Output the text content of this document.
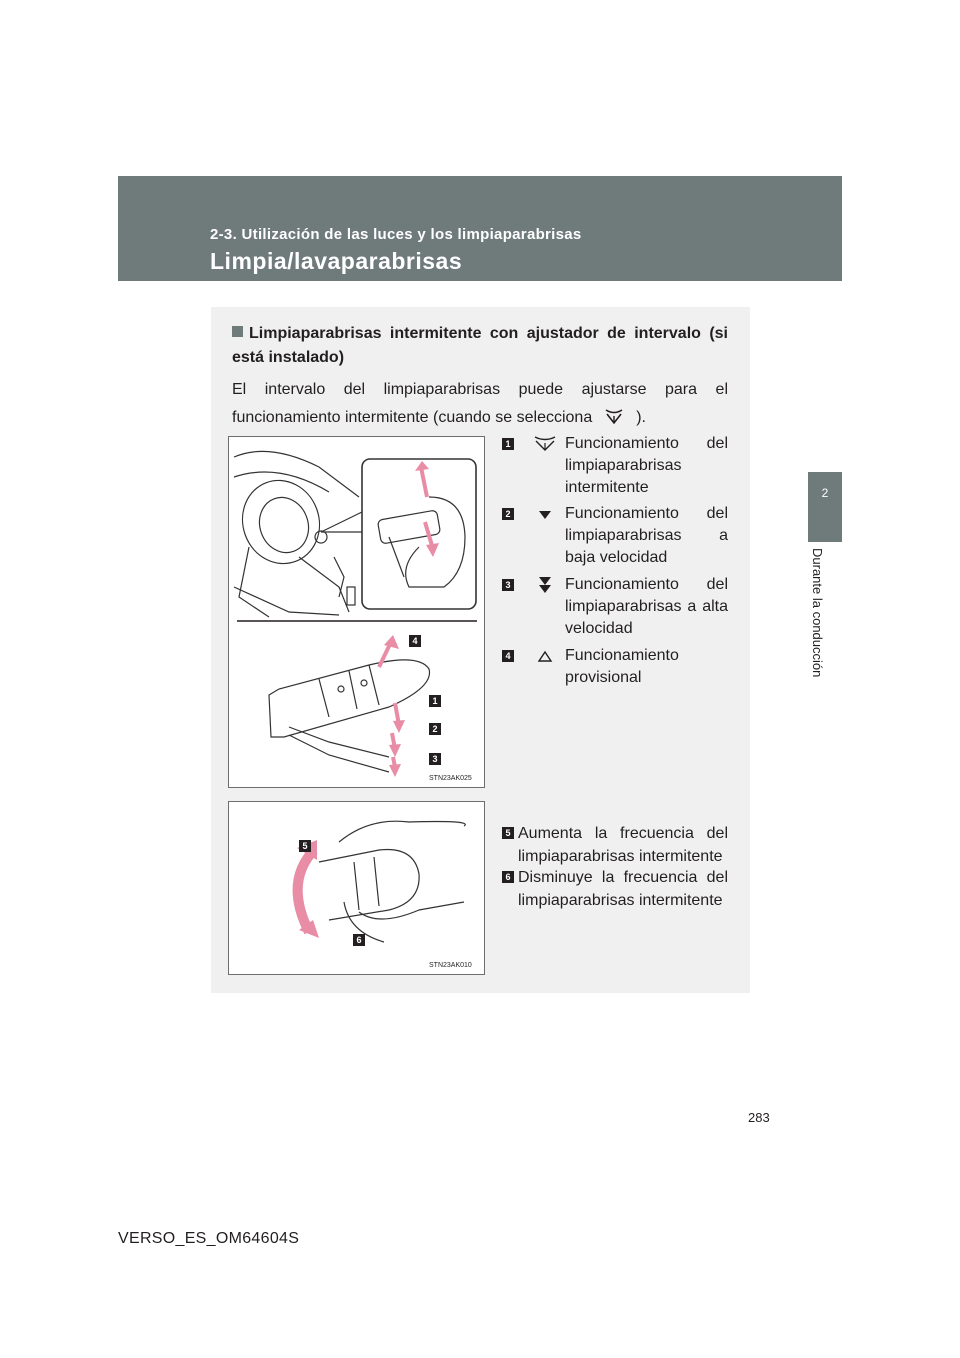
2-3. Utilización de las luces y los limpiaparabrisas
Limpia/lavaparabrisas
2
Durante la conducción
Limpiaparabrisas intermitente con ajustador de intervalo (si está instalado)
El intervalo del limpiaparabrisas puede ajustarse para el funcionamiento intermitente (cuando se selecciona	).
4
1
2
3
STN23AK025
5
6
STN23AK010
1	Funcionamiento del limpiaparabrisas intermitente
2	Funcionamiento del limpiaparabrisas a baja velocidad
3	Funcionamiento del limpiaparabrisas a alta velocidad
4	Funcionamiento provisional
5 Aumenta la frecuencia del limpiaparabrisas intermitente
6 Disminuye la frecuencia del limpiaparabrisas intermitente
283
VERSO_ES_OM64604S
